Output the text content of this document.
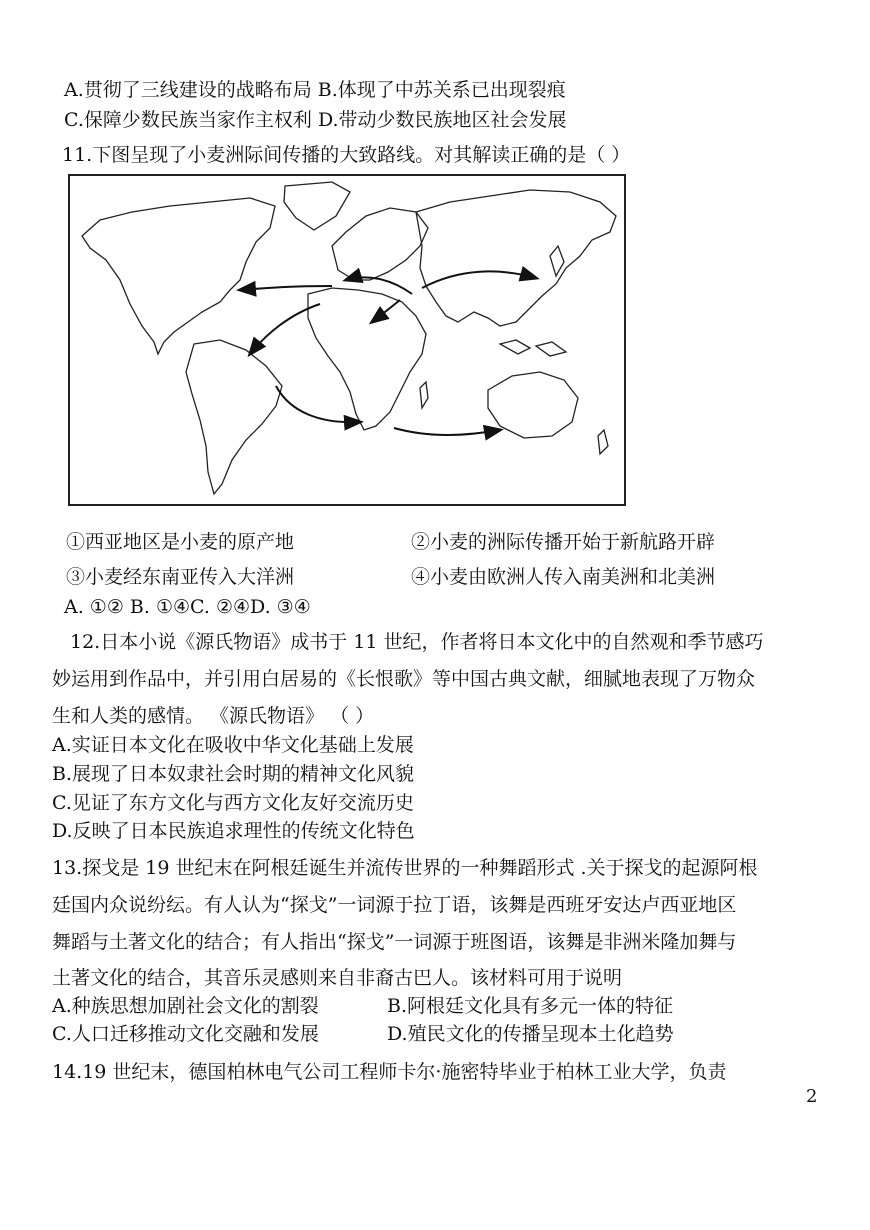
A.贯彻了三线建设的战略布局 B.体现了中苏关系已出现裂痕
C.保障少数民族当家作主权利 D.带动少数民族地区社会发展
11.下图呈现了小麦洲际间传播的大致路线。对其解读正确的是（ ）
①西亚地区是小麦的原产地	②小麦的洲际传播开始于新航路开辟
③小麦经东南亚传入大洋洲	④小麦由欧洲人传入南美洲和北美洲
A. ①② B. ①④C. ②④D. ③④
12.日本小说《源氏物语》成书于 11 世纪，作者将日本文化中的自然观和季节感巧
妙运用到作品中，并引用白居易的《长恨歌》等中国古典文献，细腻地表现了万物众
生和人类的感情。 《源氏物语》 （ ）
A.实证日本文化在吸收中华文化基础上发展
B.展现了日本奴隶社会时期的精神文化风貌
C.见证了东方文化与西方文化友好交流历史
D.反映了日本民族追求理性的传统文化特色
13.探戈是 19 世纪末在阿根廷诞生并流传世界的一种舞蹈形式 .关于探戈的起源阿根
廷国内众说纷纭。有人认为“探戈”一词源于拉丁语，该舞是西班牙安达卢西亚地区
舞蹈与土著文化的结合；有人指出“探戈”一词源于班图语，该舞是非洲米隆加舞与
土著文化的结合，其音乐灵感则来自非裔古巴人。该材料可用于说明
A.种族思想加剧社会文化的割裂	B.阿根廷文化具有多元一体的特征
C.人口迁移推动文化交融和发展	D.殖民文化的传播呈现本土化趋势
14.19 世纪末，德国柏林电气公司工程师卡尔·施密特毕业于柏林工业大学，负责
2
